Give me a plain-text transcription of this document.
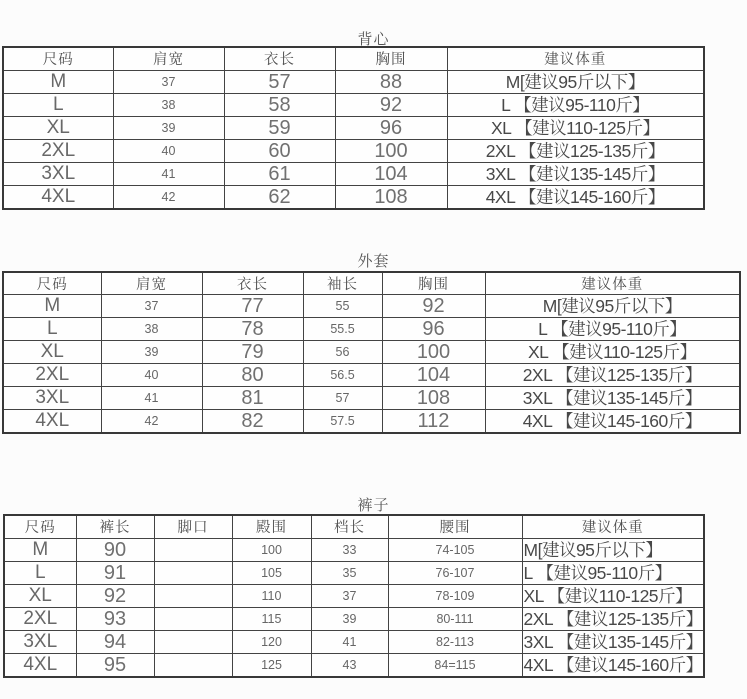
背心
尺码	肩宽	衣长	胸围	建议体重
M	37	57	88	M[建议95斤以下】
L	38	58	92	L 【建议95-110斤】
XL	39	59	96	XL 【建议110-125斤】
2XL	40	60	100	2XL 【建议125-135斤】
3XL	41	61	104	3XL 【建议135-145斤】
4XL	42	62	108	4XL 【建议145-160斤】
外套
尺码	肩宽	衣长	袖长	胸围	建议体重
M	37	77	55	92	M[建议95斤以下】
L	38	78	55.5	96	L 【建议95-110斤】
XL	39	79	56	100	XL 【建议110-125斤】
2XL	40	80	56.5	104	2XL 【建议125-135斤】
3XL	41	81	57	108	3XL 【建议135-145斤】
4XL	42	82	57.5	112	4XL 【建议145-160斤】
裤子
尺码	裤长	脚口	殿围	档长	腰围	建议体重
M	90		100	33	74-105	M[建议95斤以下】
L	91		105	35	76-107	L 【建议95-110斤】
XL	92		110	37	78-109	XL 【建议110-125斤】
2XL	93		115	39	80-111	2XL 【建议125-135斤】
3XL	94		120	41	82-113	3XL 【建议135-145斤】
4XL	95		125	43	84=115	4XL 【建议145-160斤】
